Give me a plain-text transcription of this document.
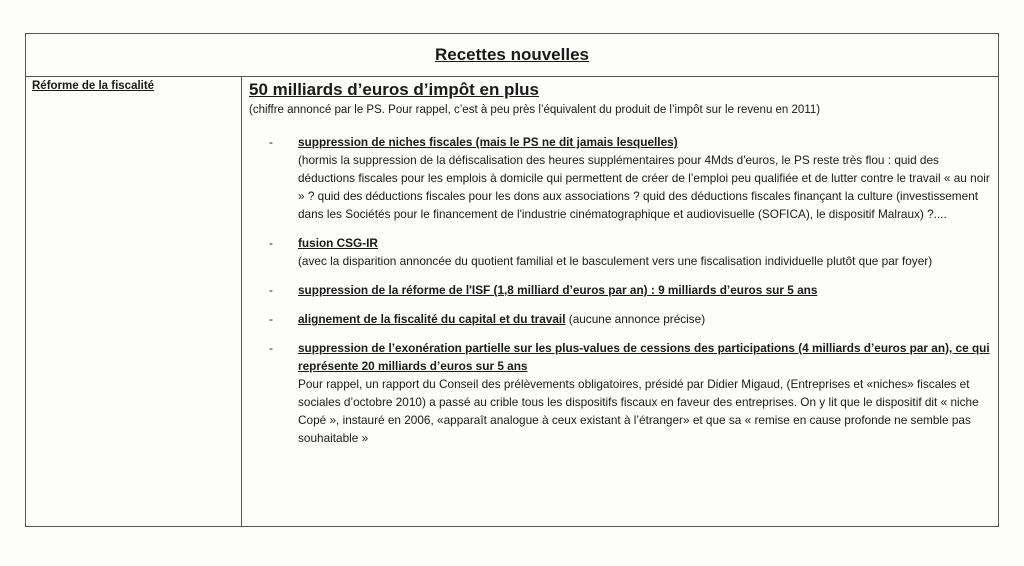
Recettes nouvelles
Réforme de la fiscalité	50 milliards d’euros d’impôt en plus
(chiffre annoncé par le PS. Pour rappel, c’est à peu près l’équivalent du produit de l’impôt sur le revenu en 2011)
-	suppression de niches fiscales (mais le PS ne dit jamais lesquelles)
(hormis la suppression de la défiscalisation des heures supplémentaires pour 4Mds d'euros, le PS reste très flou : quid des déductions fiscales pour les emplois à domicile qui permettent de créer de l’emploi peu qualifiée et de lutter contre le travail « au noir » ? quid des déductions fiscales pour les dons aux associations ? quid des déductions fiscales finançant la culture (investissement dans les Sociétés pour le financement de l'industrie cinématographique et audiovisuelle (SOFICA), le dispositif Malraux) ?....
-	fusion CSG-IR
(avec la disparition annoncée du quotient familial et le basculement vers une fiscalisation individuelle plutôt que par foyer)
-	suppression de la réforme de l'ISF (1,8 milliard d’euros par an) : 9 milliards d’euros sur 5 ans
-	alignement de la fiscalité du capital et du travail (aucune annonce précise)
-	suppression de l’exonération partielle sur les plus-values de cessions des participations (4 milliards d’euros par an), ce qui représente 20 milliards d’euros sur 5 ans
Pour rappel, un rapport du Conseil des prélèvements obligatoires, présidé par Didier Migaud, (Entreprises et «niches» fiscales et sociales d’octobre 2010) a passé au crible tous les dispositifs fiscaux en faveur des entreprises. On y lit que le dispositif dit « niche Copé », instauré en 2006, «apparaît analogue à ceux existant à l’étranger» et que sa « remise en cause profonde ne semble pas souhaitable »
